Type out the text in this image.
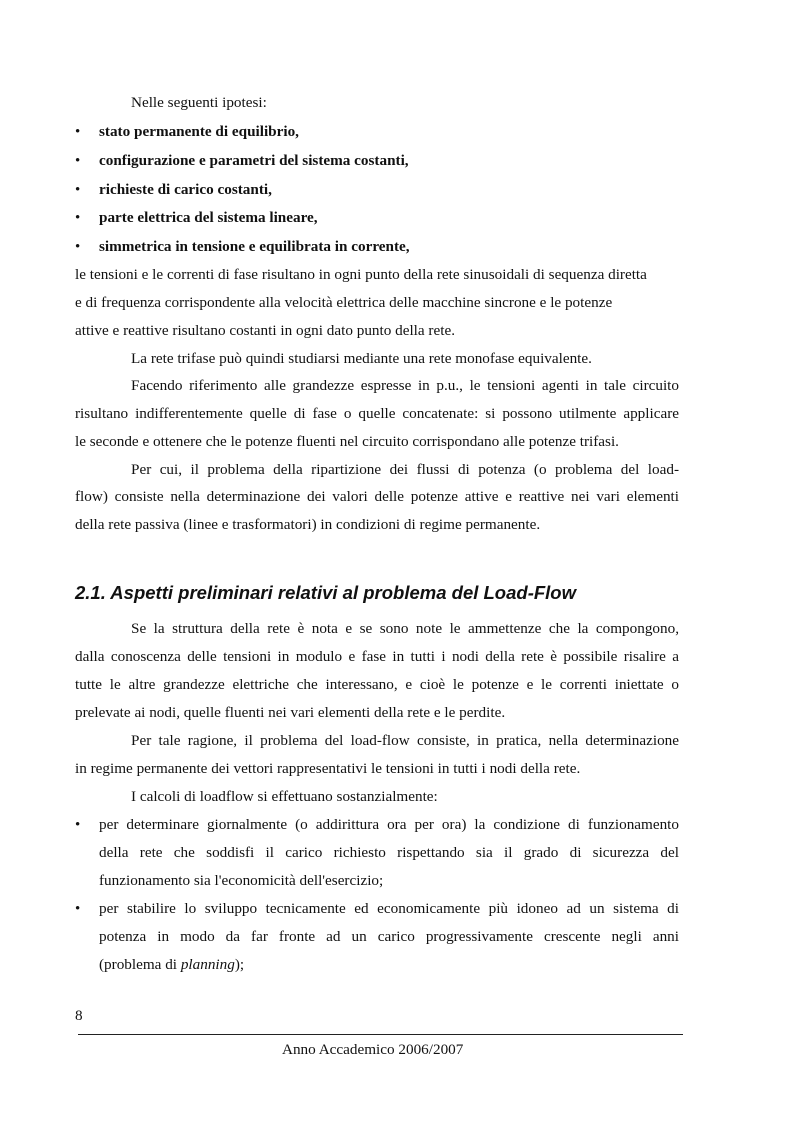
Nelle seguenti ipotesi:
• stato permanente di equilibrio,
• configurazione e parametri del sistema costanti,
• richieste di carico costanti,
• parte elettrica del sistema lineare,
• simmetrica in tensione e equilibrata in corrente,
le tensioni e le correnti di fase risultano in ogni punto della rete sinusoidali di sequenza diretta
e di frequenza corrispondente alla velocità elettrica delle macchine sincrone e le potenze
attive e reattive risultano costanti in ogni dato punto della rete.
La rete trifase può quindi studiarsi mediante una rete monofase equivalente.
Facendo riferimento alle grandezze espresse in p.u., le tensioni agenti in tale circuito
risultano indifferentemente quelle di fase o quelle concatenate: si possono utilmente applicare
le seconde e ottenere che le potenze fluenti nel circuito corrispondano alle potenze trifasi.
Per cui, il problema della ripartizione dei flussi di potenza (o problema del load-
flow) consiste nella determinazione dei valori delle potenze attive e reattive nei vari elementi
della rete passiva (linee e trasformatori) in condizioni di regime permanente.
2.1. Aspetti preliminari relativi al problema del Load-Flow
Se la struttura della rete è nota e se sono note le ammettenze che la compongono,
dalla conoscenza delle tensioni in modulo e fase in tutti i nodi della rete è possibile risalire a
tutte le altre grandezze elettriche che interessano, e cioè le potenze e le correnti iniettate o
prelevate ai nodi, quelle fluenti nei vari elementi della rete e le perdite.
Per tale ragione, il problema del load-flow consiste, in pratica, nella determinazione
in regime permanente dei vettori rappresentativi le tensioni in tutti i nodi della rete.
I calcoli di loadflow si effettuano sostanzialmente:
• per determinare giornalmente (o addirittura ora per ora) la condizione di funzionamento
della rete che soddisfi il carico richiesto rispettando sia il grado di sicurezza del
funzionamento sia l'economicità dell'esercizio;
• per stabilire lo sviluppo tecnicamente ed economicamente più idoneo ad un sistema di
potenza in modo da far fronte ad un carico progressivamente crescente negli anni
(problema di planning);
8
Anno Accademico 2006/2007
